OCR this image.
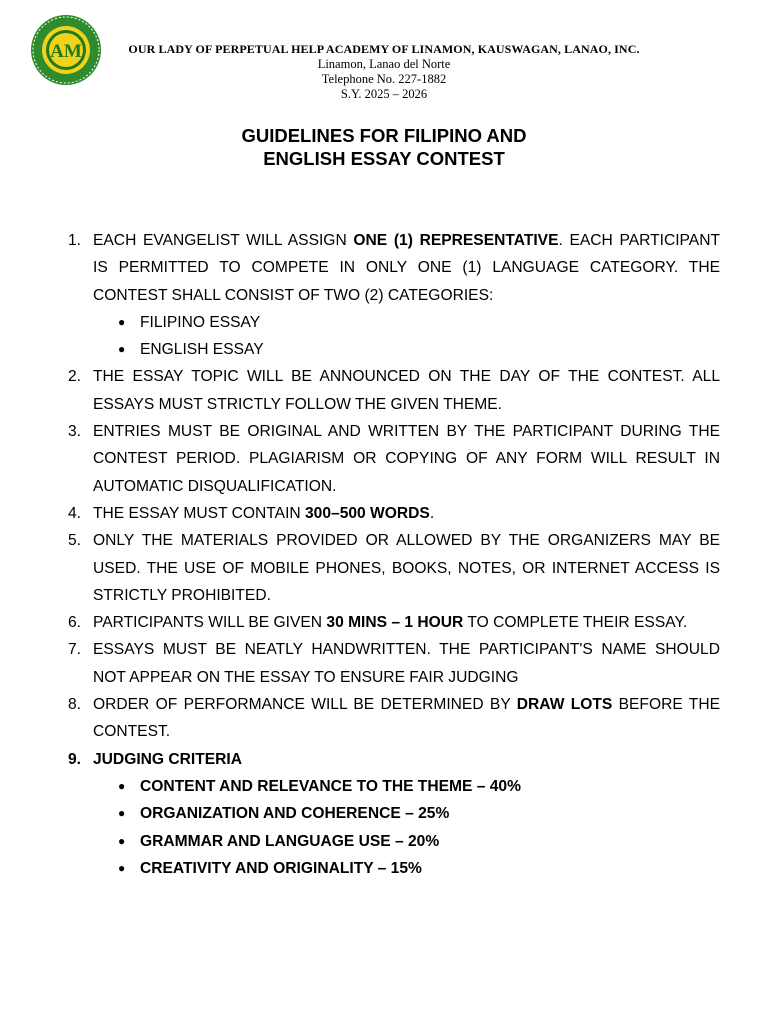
AM	OUR LADY OF PERPETUAL HELP ACADEMY OF LINAMON, KAUSWAGAN, LANAO, INC.
Linamon, Lanao del Norte
Telephone No. 227-1882
S.Y. 2025 – 2026
GUIDELINES FOR FILIPINO AND
ENGLISH ESSAY CONTEST
1. EACH EVANGELIST WILL ASSIGN ONE (1) REPRESENTATIVE. EACH PARTICIPANT IS PERMITTED TO COMPETE IN ONLY ONE (1) LANGUAGE CATEGORY. THE CONTEST SHALL CONSIST OF TWO (2) CATEGORIES:
● FILIPINO ESSAY
● ENGLISH ESSAY
2. THE ESSAY TOPIC WILL BE ANNOUNCED ON THE DAY OF THE CONTEST. ALL ESSAYS MUST STRICTLY FOLLOW THE GIVEN THEME.
3. ENTRIES MUST BE ORIGINAL AND WRITTEN BY THE PARTICIPANT DURING THE CONTEST PERIOD. PLAGIARISM OR COPYING OF ANY FORM WILL RESULT IN AUTOMATIC DISQUALIFICATION.
4. THE ESSAY MUST CONTAIN 300–500 WORDS.
5. ONLY THE MATERIALS PROVIDED OR ALLOWED BY THE ORGANIZERS MAY BE USED. THE USE OF MOBILE PHONES, BOOKS, NOTES, OR INTERNET ACCESS IS STRICTLY PROHIBITED.
6. PARTICIPANTS WILL BE GIVEN 30 MINS – 1 HOUR TO COMPLETE THEIR ESSAY.
7. ESSAYS MUST BE NEATLY HANDWRITTEN. THE PARTICIPANT'S NAME SHOULD NOT APPEAR ON THE ESSAY TO ENSURE FAIR JUDGING
8. ORDER OF PERFORMANCE WILL BE DETERMINED BY DRAW LOTS BEFORE THE CONTEST.
9. JUDGING CRITERIA
● CONTENT AND RELEVANCE TO THE THEME – 40%
● ORGANIZATION AND COHERENCE – 25%
● GRAMMAR AND LANGUAGE USE – 20%
● CREATIVITY AND ORIGINALITY – 15%
